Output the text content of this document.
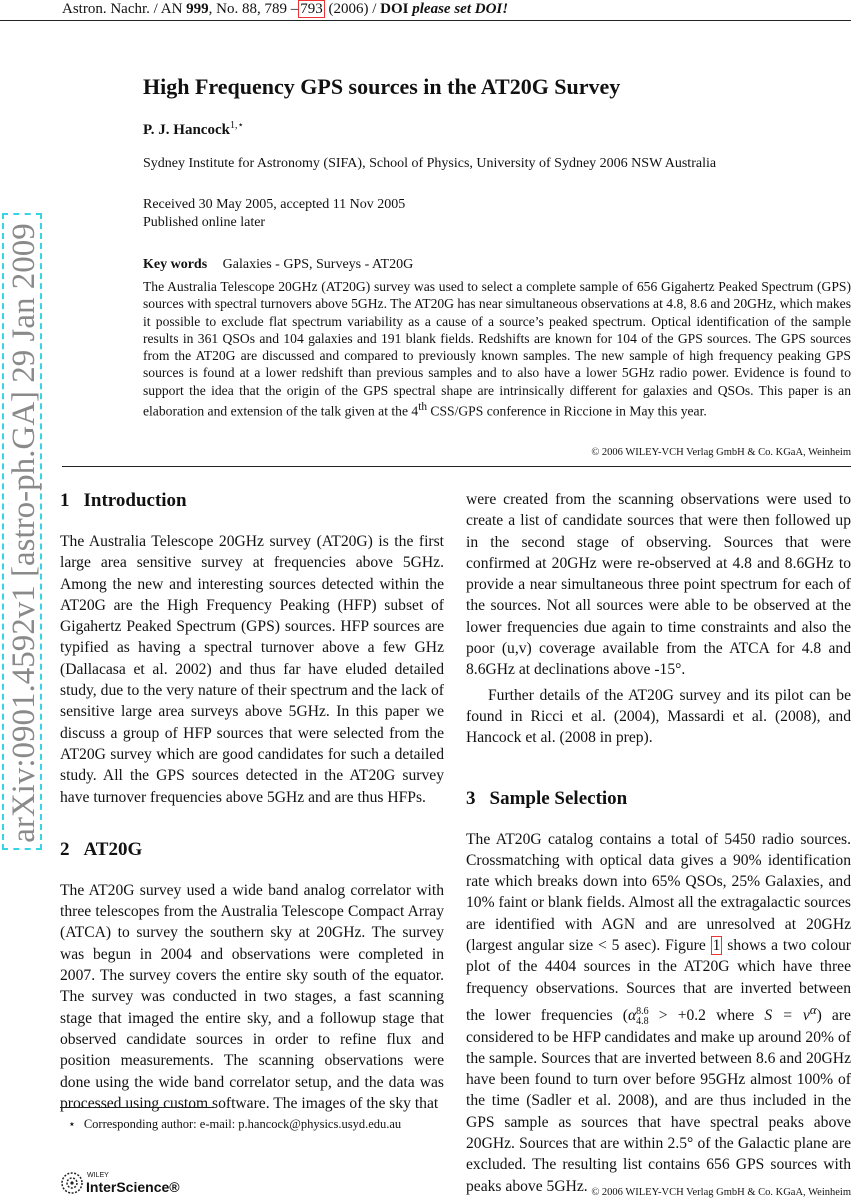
Astron. Nachr. / AN 999, No. 88, 789 – 793 (2006) / DOI please set DOI!
arXiv:0901.4592v1 [astro-ph.GA] 29 Jan 2009
High Frequency GPS sources in the AT20G Survey
P. J. Hancock$^{1,⋆}$
Sydney Institute for Astronomy (SIFA), School of Physics, University of Sydney 2006 NSW Australia
Received 30 May 2005, accepted 11 Nov 2005
Published online later
Key words Galaxies - GPS, Surveys - AT20G
The Australia Telescope 20GHz (AT20G) survey was used to select a complete sample of 656 Gigahertz Peaked Spectrum (GPS) sources with spectral turnovers above 5GHz. The AT20G has near simultaneous observations at 4.8, 8.6 and 20GHz, which makes it possible to exclude flat spectrum variability as a cause of a source’s peaked spectrum. Optical identification of the sample results in 361 QSOs and 104 galaxies and 191 blank fields. Redshifts are known for 104 of the GPS sources. The GPS sources from the AT20G are discussed and compared to previously known samples. The new sample of high frequency peaking GPS sources is found at a lower redshift than previous samples and to also have a lower 5GHz radio power. Evidence is found to support the idea that the origin of the GPS spectral shape are intrinsically different for galaxies and QSOs. This paper is an elaboration and extension of the talk given at the 4th CSS/GPS conference in Riccione in May this year.
© 2006 WILEY-VCH Verlag GmbH & Co. KGaA, Weinheim
1 Introduction

The Australia Telescope 20GHz survey (AT20G) is the first large area sensitive survey at frequencies above 5GHz. Among the new and interesting sources detected within the AT20G are the High Frequency Peaking (HFP) subset of Gigahertz Peaked Spectrum (GPS) sources. HFP sources are typified as having a spectral turnover above a few GHz (Dallacasa et al. 2002) and thus far have eluded detailed study, due to the very nature of their spectrum and the lack of sensitive large area surveys above 5GHz. In this paper we discuss a group of HFP sources that were selected from the AT20G survey which are good candidates for such a detailed study. All the GPS sources detected in the AT20G survey have turnover frequencies above 5GHz and are thus HFPs.

2 AT20G

The AT20G survey used a wide band analog correlator with three telescopes from the Australia Telescope Compact Array (ATCA) to survey the southern sky at 20GHz. The survey was begun in 2004 and observations were completed in 2007. The survey covers the entire sky south of the equator. The survey was conducted in two stages, a fast scanning stage that imaged the entire sky, and a followup stage that observed candidate sources in order to refine flux and position measurements. The scanning observations were done using the wide band correlator setup, and the data was processed using custom software. The images of the sky that

were created from the scanning observations were used to create a list of candidate sources that were then followed up in the second stage of observing. Sources that were confirmed at 20GHz were re-observed at 4.8 and 8.6GHz to provide a near simultaneous three point spectrum for each of the sources. Not all sources were able to be observed at the lower frequencies due again to time constraints and also the poor (u,v) coverage available from the ATCA for 4.8 and 8.6GHz at declinations above -15°.

Further details of the AT20G survey and its pilot can be found in Ricci et al. (2004), Massardi et al. (2008), and Hancock et al. (2008 in prep).

3 Sample Selection

The AT20G catalog contains a total of 5450 radio sources. Crossmatching with optical data gives a 90% identification rate which breaks down into 65% QSOs, 25% Galaxies, and 10% faint or blank fields. Almost all the extragalactic sources are identified with AGN and are unresolved at 20GHz (largest angular size < 5 asec). Figure 1 shows a two colour plot of the 4404 sources in the AT20G which have three frequency observations. Sources that are inverted between the lower frequencies (α 8.6
4.8 > +0.2 where $S = \nu^\alpha$) are considered to be HFP candidates and make up around 20% of the sample. Sources that are inverted between 8.6 and 20GHz have been found to turn over before 95GHz almost 100% of the time (Sadler et al. 2008), and are thus included in the GPS sample as sources that have spectral peaks above 20GHz. Sources that are within 2.5° of the Galactic plane are excluded. The resulting list contains 656 GPS sources with peaks above 5GHz.

⋆ Corresponding author: e-mail: p.hancock@physics.usyd.edu.au
WILEY
InterScience®	© 2006 WILEY-VCH Verlag GmbH & Co. KGaA, Weinheim
